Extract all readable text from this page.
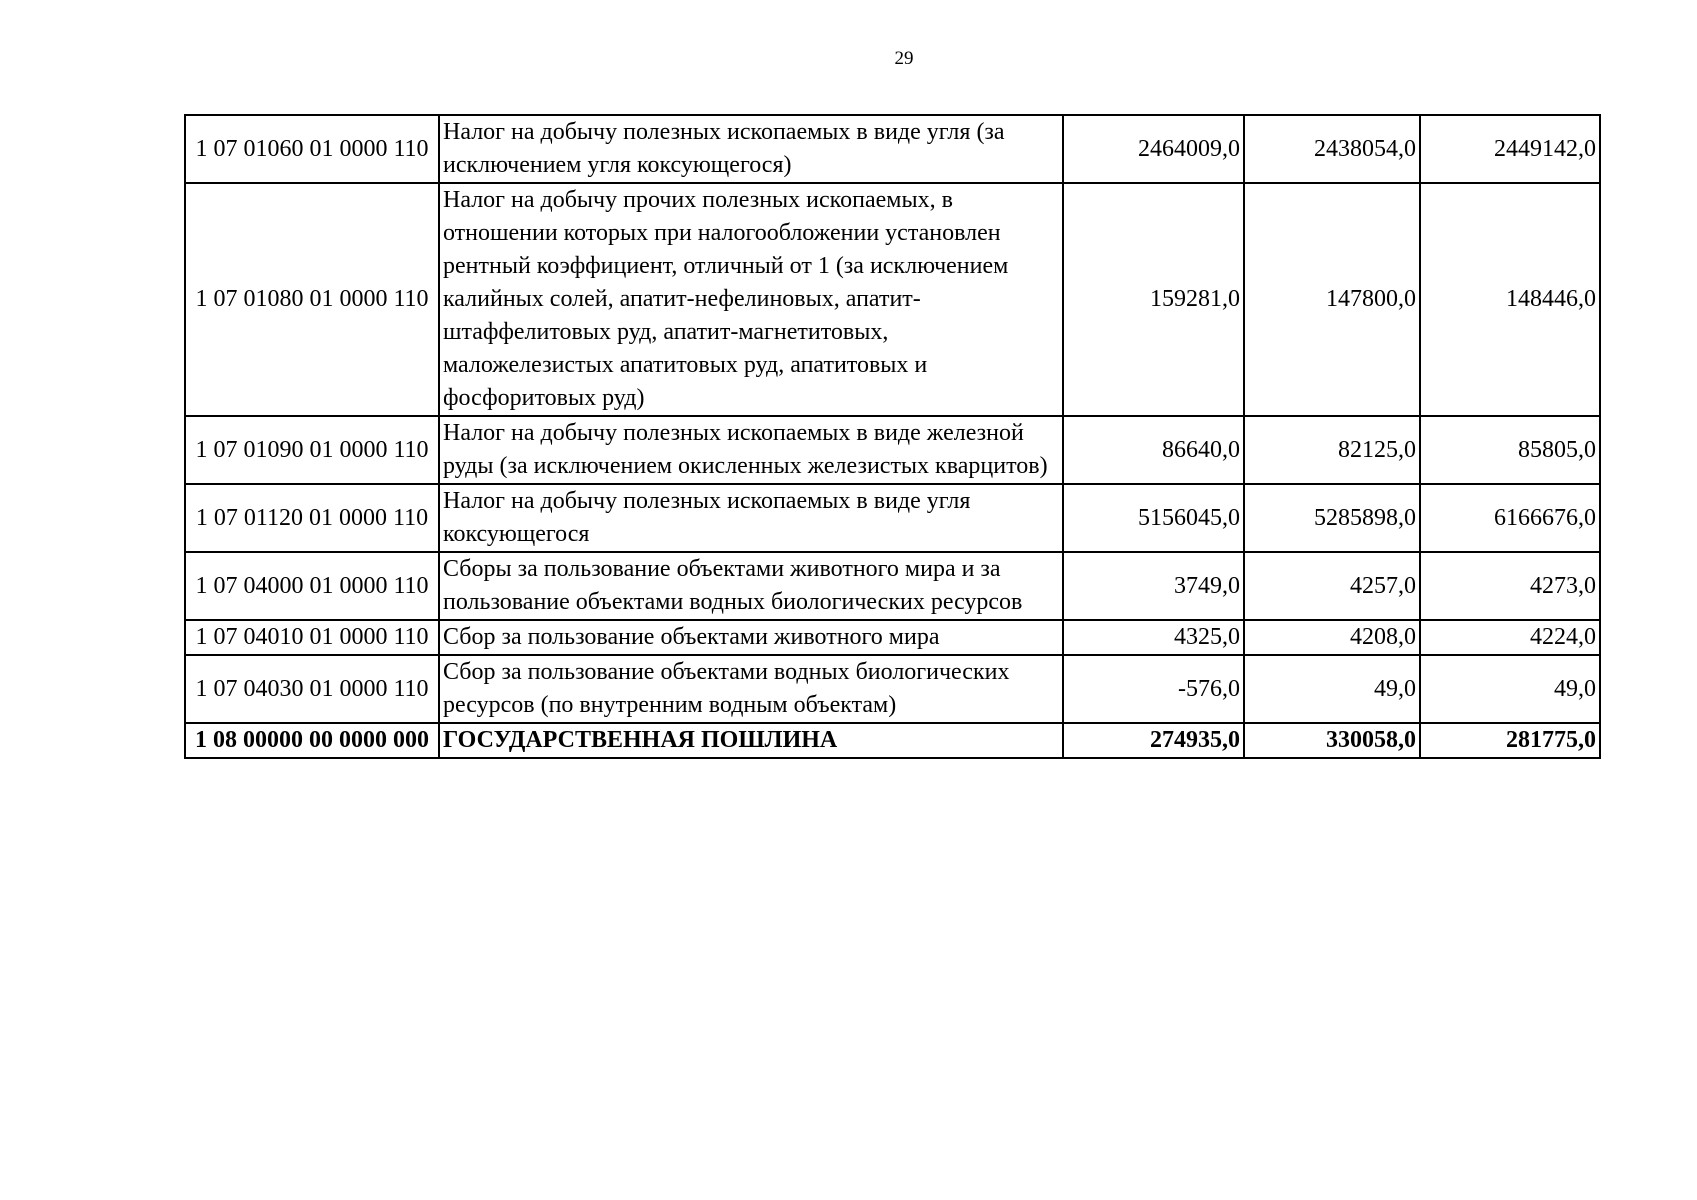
29
1 07 01060 01 0000 110	Налог на добычу полезных ископаемых в виде угля (за исключением угля коксующегося)	2464009,0	2438054,0	2449142,0
1 07 01080 01 0000 110	Налог на добычу прочих полезных ископаемых, в отношении которых при налогообложении установлен рентный коэффициент, отличный от 1 (за исключением калийных солей, апатит-нефелиновых, апатит-штаффелитовых руд, апатит-магнетитовых, маложелезистых апатитовых руд, апатитовых и фосфоритовых руд)	159281,0	147800,0	148446,0
1 07 01090 01 0000 110	Налог на добычу полезных ископаемых в виде железной руды (за исключением окисленных железистых кварцитов)	86640,0	82125,0	85805,0
1 07 01120 01 0000 110	Налог на добычу полезных ископаемых в виде угля коксующегося	5156045,0	5285898,0	6166676,0
1 07 04000 01 0000 110	Сборы за пользование объектами животного мира и за пользование объектами водных биологических ресурсов	3749,0	4257,0	4273,0
1 07 04010 01 0000 110	Сбор за пользование объектами животного мира	4325,0	4208,0	4224,0
1 07 04030 01 0000 110	Сбор за пользование объектами водных биологических ресурсов (по внутренним водным объектам)	-576,0	49,0	49,0
1 08 00000 00 0000 000	ГОСУДАРСТВЕННАЯ ПОШЛИНА	274935,0	330058,0	281775,0
